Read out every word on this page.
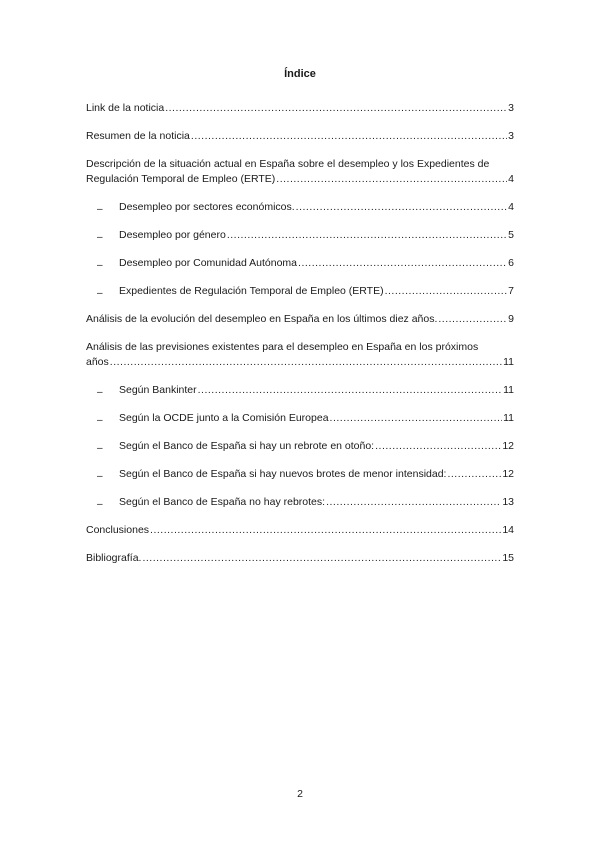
Índice
Link de la noticia .....	3
Resumen de la noticia .....	3
Descripción de la situación actual en España sobre el desempleo y los Expedientes de
Regulación Temporal de Empleo (ERTE) .....	4
– Desempleo por sectores económicos. .....	4
– Desempleo por género .....	5
– Desempleo por Comunidad Autónoma .....	6
– Expedientes de Regulación Temporal de Empleo (ERTE) .....	7
Análisis de la evolución del desempleo en España en los últimos diez años. .....	9
Análisis de las previsiones existentes para el desempleo en España en los próximos
años .....	11
– Según Bankinter .....	11
– Según la OCDE junto a la Comisión Europea .....	11
– Según el Banco de España si hay un rebrote en otoño: .....	12
– Según el Banco de España si hay nuevos brotes de menor intensidad: .....	12
– Según el Banco de España no hay rebrotes: .....	13
Conclusiones .....	14
Bibliografía. .....	15
2
